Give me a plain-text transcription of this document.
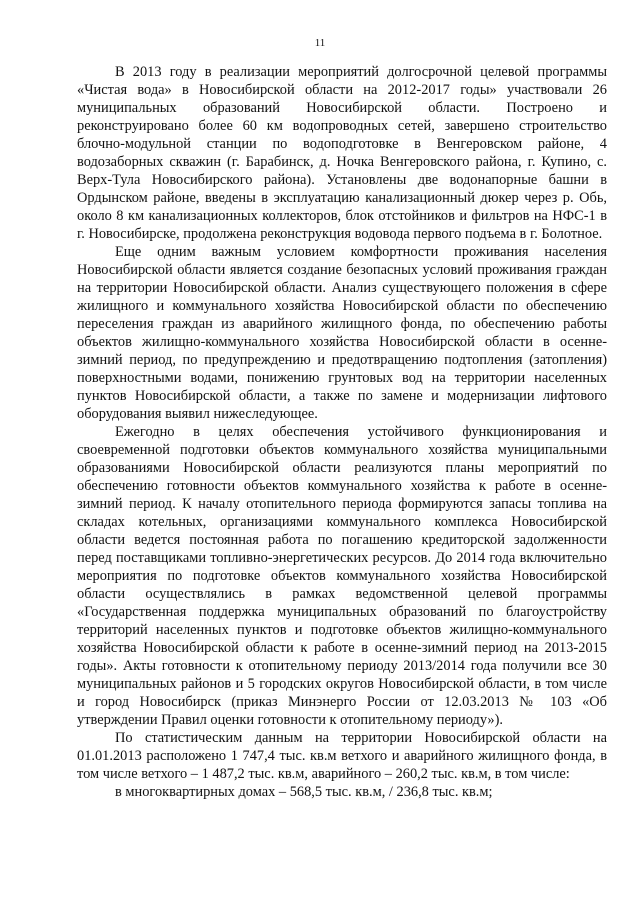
11

В 2013 году в реализации мероприятий долгосрочной целевой программы «Чистая вода» в Новосибирской области на 2012-2017 годы» участвовали 26 муниципальных образований Новосибирской области. Построено и реконструировано более 60 км водопроводных сетей, завершено строительство блочно-модульной станции по водоподготовке в Венгеровском районе, 4 водозаборных скважин (г. Барабинск, д. Ночка Венгеровского района, г. Купино, с. Верх-Тула Новосибирского района). Установлены две водонапорные башни в Ордынском районе, введены в эксплуатацию канализационный дюкер через р. Обь, около 8 км канализационных коллекторов, блок отстойников и фильтров на НФС-1 в г. Новосибирске, продолжена реконструкция водовода первого подъема в г. Болотное.

Еще одним важным условием комфортности проживания населения Новосибирской области является создание безопасных условий проживания граждан на территории Новосибирской области. Анализ существующего положения в сфере жилищного и коммунального хозяйства Новосибирской области по обеспечению переселения граждан из аварийного жилищного фонда, по обеспечению работы объектов жилищно-коммунального хозяйства Новосибирской области в осенне-зимний период, по предупреждению и предотвращению подтопления (затопления) поверхностными водами, понижению грунтовых вод на территории населенных пунктов Новосибирской области, а также по замене и модернизации лифтового оборудования выявил нижеследующее.

Ежегодно в целях обеспечения устойчивого функционирования и своевременной подготовки объектов коммунального хозяйства муниципальными образованиями Новосибирской области реализуются планы мероприятий по обеспечению готовности объектов коммунального хозяйства к работе в осенне-зимний период. К началу отопительного периода формируются запасы топлива на складах котельных, организациями коммунального комплекса Новосибирской области ведется постоянная работа по погашению кредиторской задолженности перед поставщиками топливно-энергетических ресурсов. До 2014 года включительно мероприятия по подготовке объектов коммунального хозяйства Новосибирской области осуществлялись в рамках ведомственной целевой программы «Государственная поддержка муниципальных образований по благоустройству территорий населенных пунктов и подготовке объектов жилищно-коммунального хозяйства Новосибирской области к работе в осенне-зимний период на 2013-2015 годы». Акты готовности к отопительному периоду 2013/2014 года получили все 30 муниципальных районов и 5 городских округов Новосибирской области, в том числе и город Новосибирск (приказ Минэнерго России от 12.03.2013 № 103 «Об утверждении Правил оценки готовности к отопительному периоду»).

По статистическим данным на территории Новосибирской области на 01.01.2013 расположено 1 747,4 тыс. кв.м ветхого и аварийного жилищного фонда, в том числе ветхого – 1 487,2 тыс. кв.м, аварийного – 260,2 тыс. кв.м, в том числе:

в многоквартирных домах – 568,5 тыс. кв.м, / 236,8 тыс. кв.м;
